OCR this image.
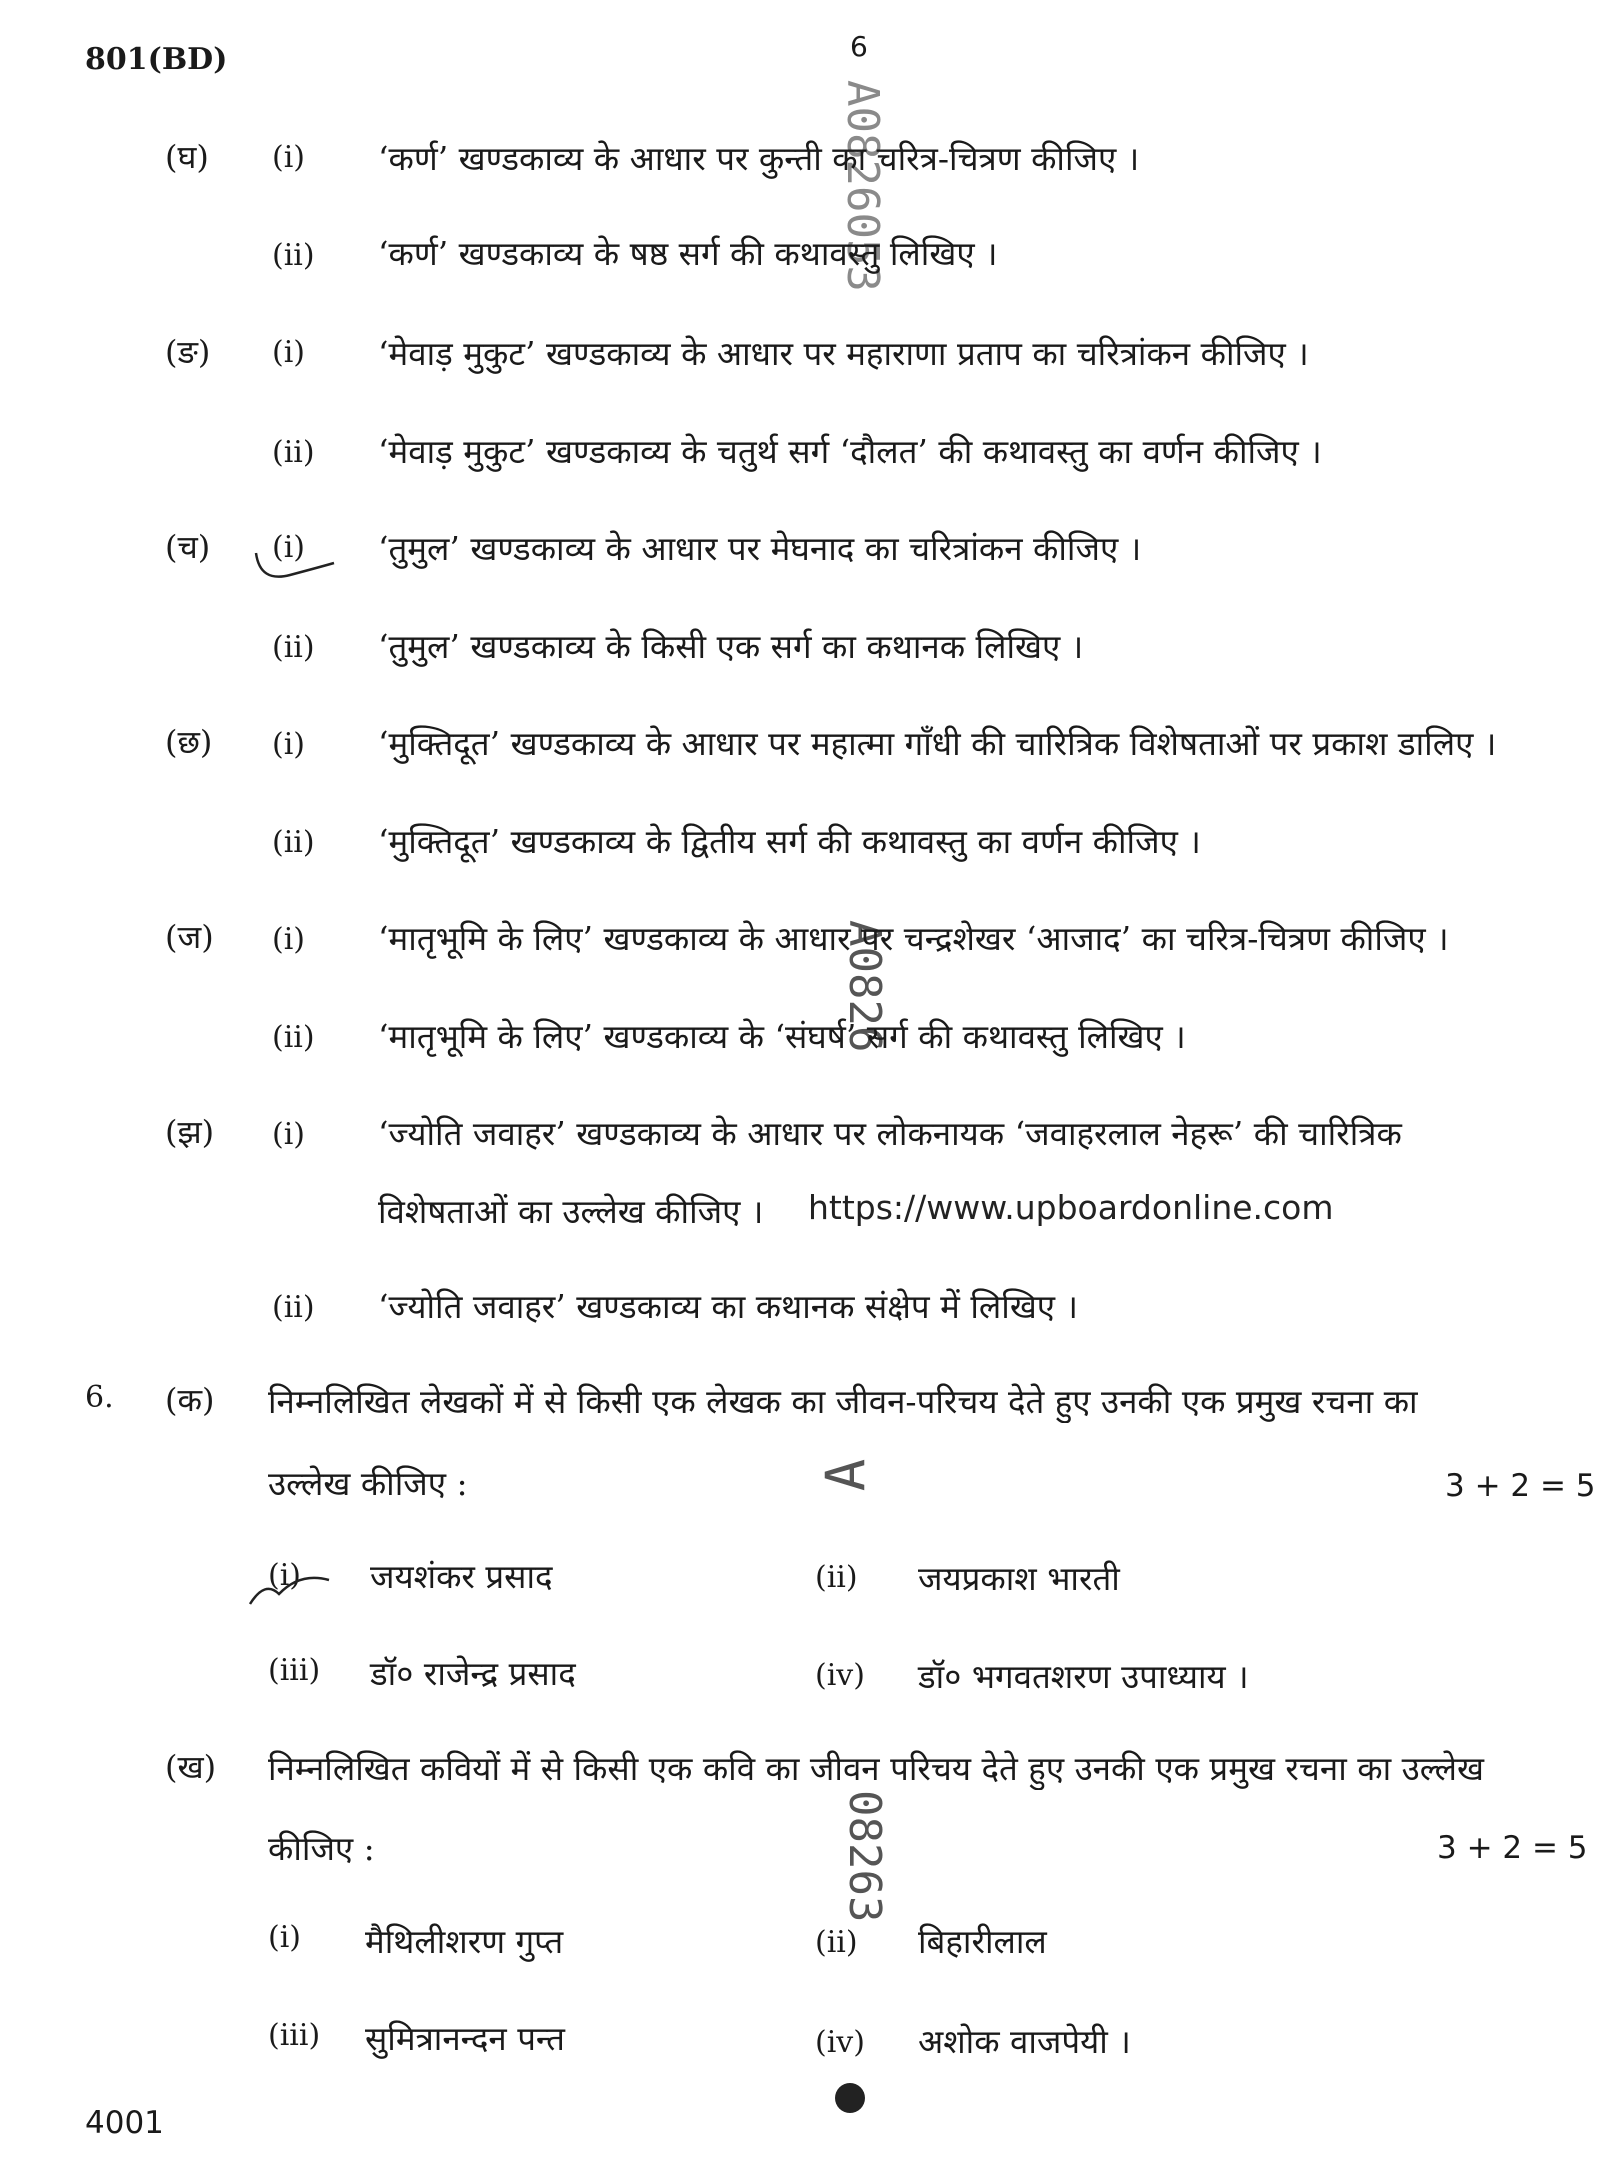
801(BD)	6
A0826053
A0826
A
08263
(घ) (i) ‘कर्ण’ खण्डकाव्य के आधार पर कुन्ती का चरित्र-चित्रण कीजिए ।
(ii) ‘कर्ण’ खण्डकाव्य के षष्ठ सर्ग की कथावस्तु लिखिए ।
(ङ) (i) ‘मेवाड़ मुकुट’ खण्डकाव्य के आधार पर महाराणा प्रताप का चरित्रांकन कीजिए ।
(ii) ‘मेवाड़ मुकुट’ खण्डकाव्य के चतुर्थ सर्ग ‘दौलत’ की कथावस्तु का वर्णन कीजिए ।
(च) (i) ‘तुमुल’ खण्डकाव्य के आधार पर मेघनाद का चरित्रांकन कीजिए ।
(ii) ‘तुमुल’ खण्डकाव्य के किसी एक सर्ग का कथानक लिखिए ।
(छ) (i) ‘मुक्तिदूत’ खण्डकाव्य के आधार पर महात्मा गाँधी की चारित्रिक विशेषताओं पर प्रकाश डालिए ।
(ii) ‘मुक्तिदूत’ खण्डकाव्य के द्वितीय सर्ग की कथावस्तु का वर्णन कीजिए ।
(ज) (i) ‘मातृभूमि के लिए’ खण्डकाव्य के आधार पर चन्द्रशेखर ‘आजाद’ का चरित्र-चित्रण कीजिए ।
(ii) ‘मातृभूमि के लिए’ खण्डकाव्य के ‘संघर्ष’ सर्ग की कथावस्तु लिखिए ।
(झ) (i) ‘ज्योति जवाहर’ खण्डकाव्य के आधार पर लोकनायक ‘जवाहरलाल नेहरू’ की चारित्रिक
विशेषताओं का उल्लेख कीजिए । https://www.upboardonline.com
(ii) ‘ज्योति जवाहर’ खण्डकाव्य का कथानक संक्षेप में लिखिए ।
6. (क) निम्नलिखित लेखकों में से किसी एक लेखक का जीवन-परिचय देते हुए उनकी एक प्रमुख रचना का
उल्लेख कीजिए :	3 + 2 = 5
(i) जयशंकर प्रसाद	(ii) जयप्रकाश भारती
(iii) डॉ० राजेन्द्र प्रसाद	(iv) डॉ० भगवतशरण उपाध्याय ।
(ख) निम्नलिखित कवियों में से किसी एक कवि का जीवन परिचय देते हुए उनकी एक प्रमुख रचना का उल्लेख
कीजिए :	3 + 2 = 5
(i) मैथिलीशरण गुप्त	(ii) बिहारीलाल
(iii) सुमित्रानन्दन पन्त	(iv) अशोक वाजपेयी ।
4001
